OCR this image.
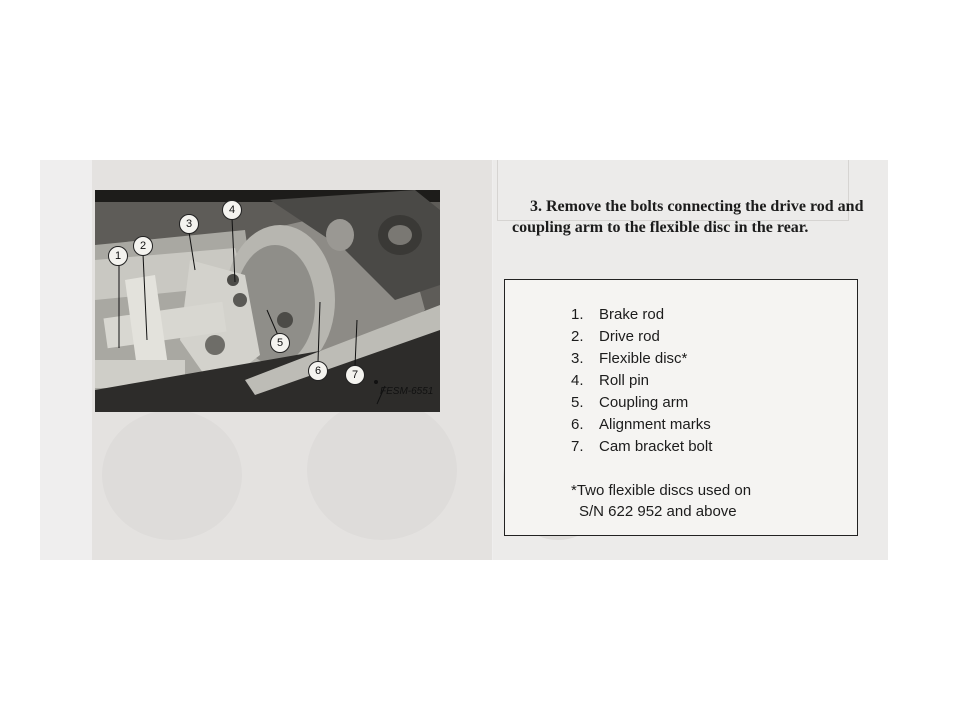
1
2
3
4
5
6	7
FESM-6551
3. Remove the bolts connecting the drive rod and coupling arm to the flexible disc in the rear.
1. Brake rod
2. Drive rod
3. Flexible disc*
4. Roll pin
5. Coupling arm
6. Alignment marks
7. Cam bracket bolt
*Two flexible discs used on
S/N 622 952 and above
